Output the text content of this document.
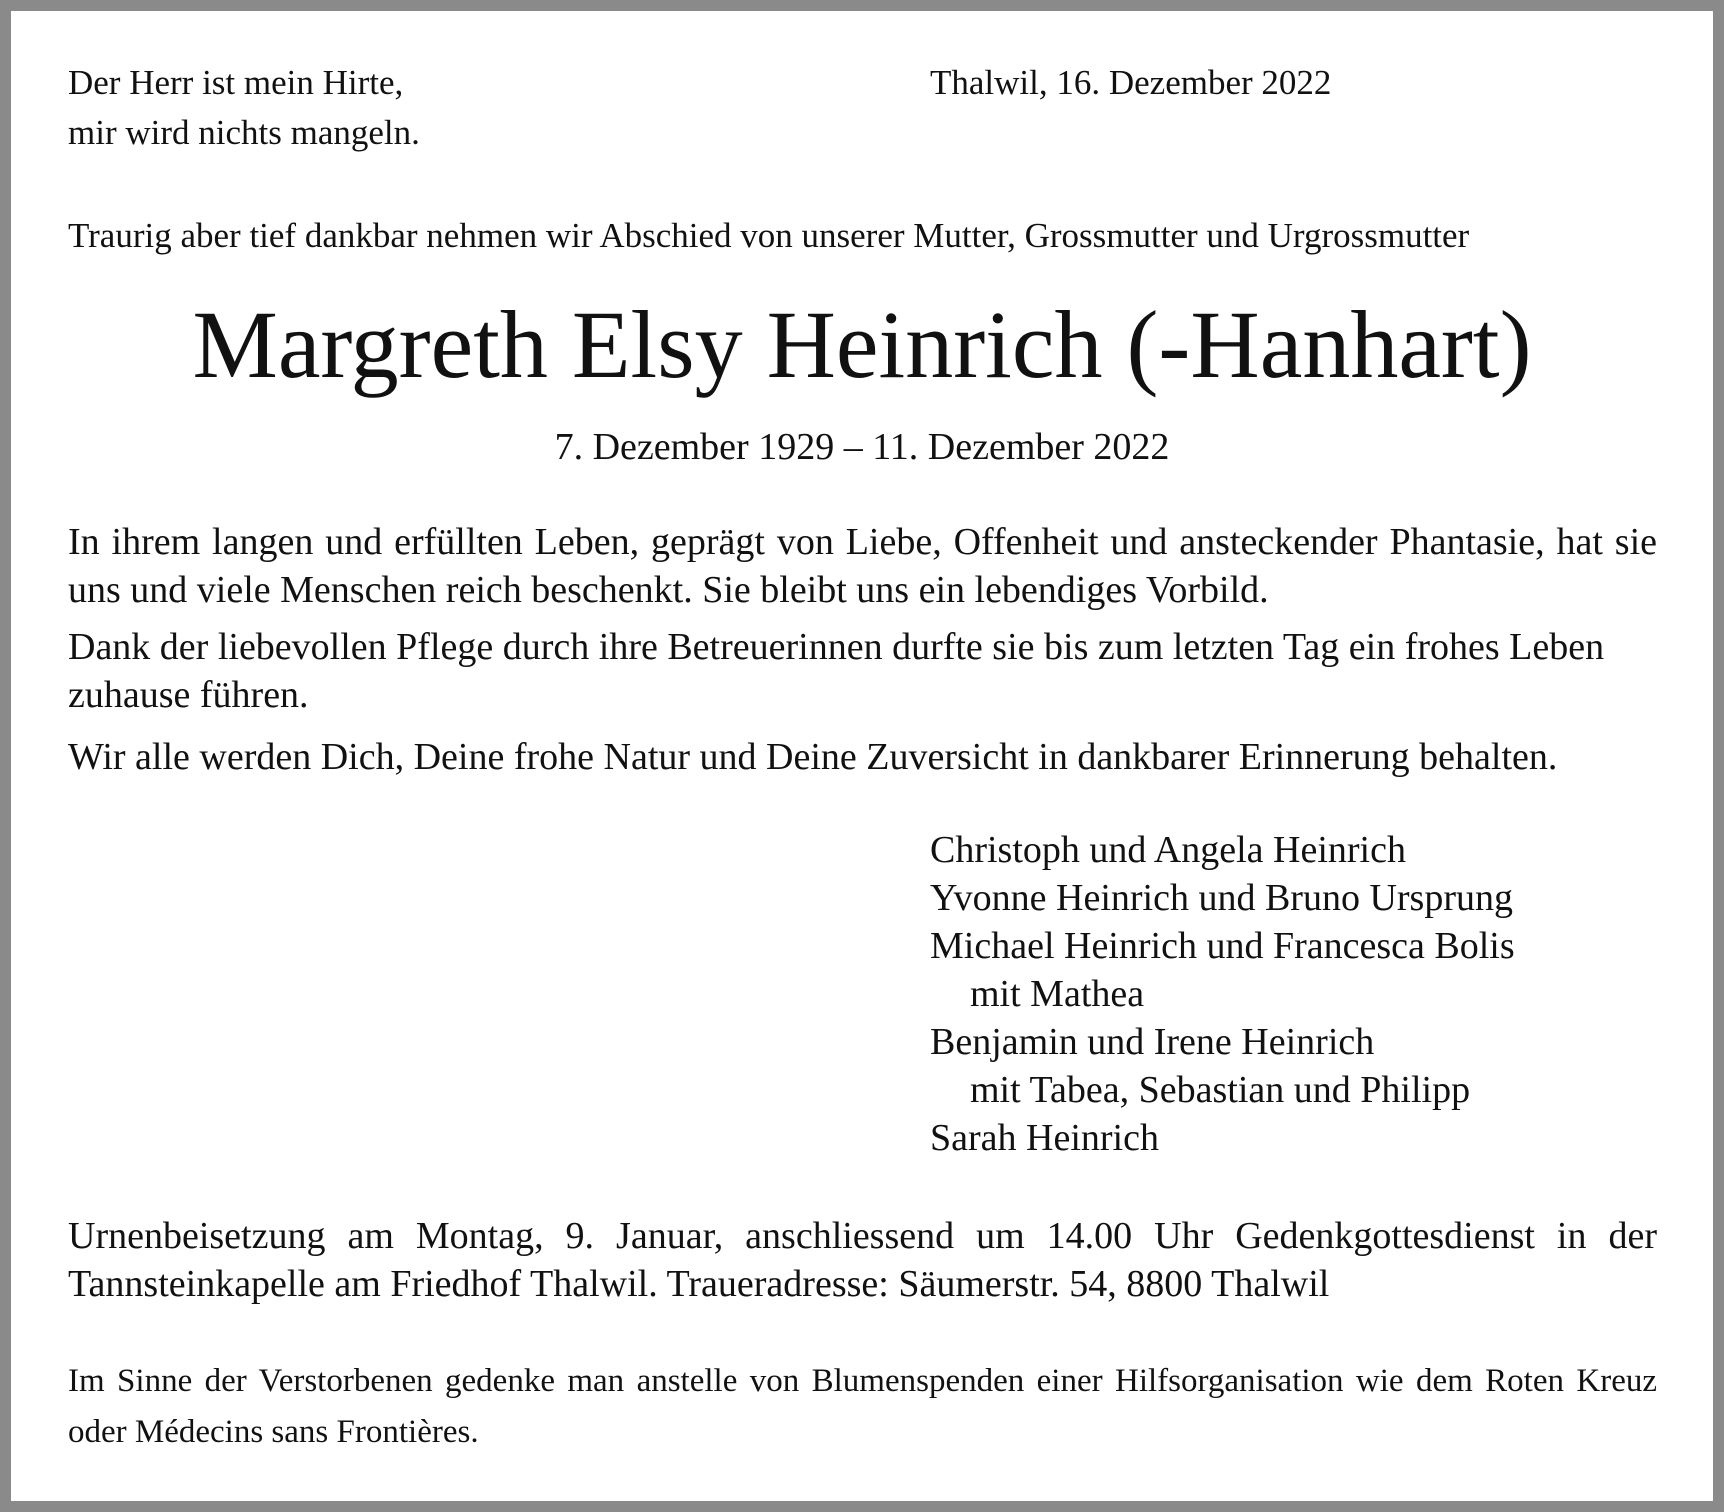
Der Herr ist mein Hirte,
mir wird nichts mangeln.

Thalwil, 16. Dezember 2022

Traurig aber tief dankbar nehmen wir Abschied von unserer Mutter, Grossmutter und Urgrossmutter

Margreth Elsy Heinrich (-Hanhart)

7. Dezember 1929 – 11. Dezember 2022

In ihrem langen und erfüllten Leben, geprägt von Liebe, Offenheit und ansteckender Phantasie, hat sie uns und viele Menschen reich beschenkt. Sie bleibt uns ein lebendiges Vorbild.

Dank der liebevollen Pflege durch ihre Betreuerinnen durfte sie bis zum letzten Tag ein frohes Leben zuhause führen.

Wir alle werden Dich, Deine frohe Natur und Deine Zuversicht in dankbarer Erinnerung behalten.

Christoph und Angela Heinrich
Yvonne Heinrich und Bruno Ursprung
Michael Heinrich und Francesca Bolis
mit Mathea
Benjamin und Irene Heinrich
mit Tabea, Sebastian und Philipp
Sarah Heinrich

Urnenbeisetzung am Montag, 9. Januar, anschliessend um 14.00 Uhr Gedenkgottesdienst in der Tannsteinkapelle am Friedhof Thalwil. Traueradresse: Säumerstr. 54, 8800 Thalwil

Im Sinne der Verstorbenen gedenke man anstelle von Blumenspenden einer Hilfsorganisation wie dem Roten Kreuz oder Médecins sans Frontières.
